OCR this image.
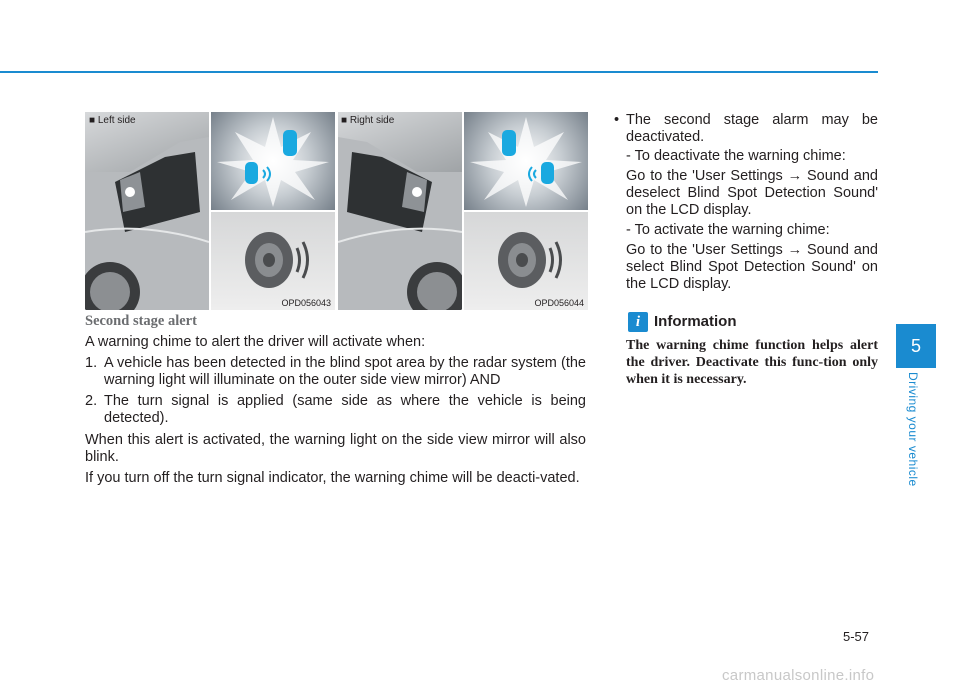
■ Left side
OPD056043
■ Right side
OPD056044
Second stage alert

A warning chime to alert the driver will activate when:

1. A vehicle has been detected in the blind spot area by the radar system (the warning light will illuminate on the outer side view mirror) AND
2. The turn signal is applied (same side as where the vehicle is being detected).

When this alert is activated, the warning light on the side view mirror will also blink.

If you turn off the turn signal indicator, the warning chime will be deacti-vated.

• The second stage alarm may be deactivated.
- To deactivate the warning chime:
Go to the 'User Settings → Sound and deselect Blind Spot Detection Sound' on the LCD display.
- To activate the warning chime:
Go to the 'User Settings → Sound and select Blind Spot Detection Sound' on the LCD display.
i Information
The warning chime function helps alert the driver. Deactivate this func-tion only when it is necessary.
5
Driving your vehicle
5-57
carmanualsonline.info
